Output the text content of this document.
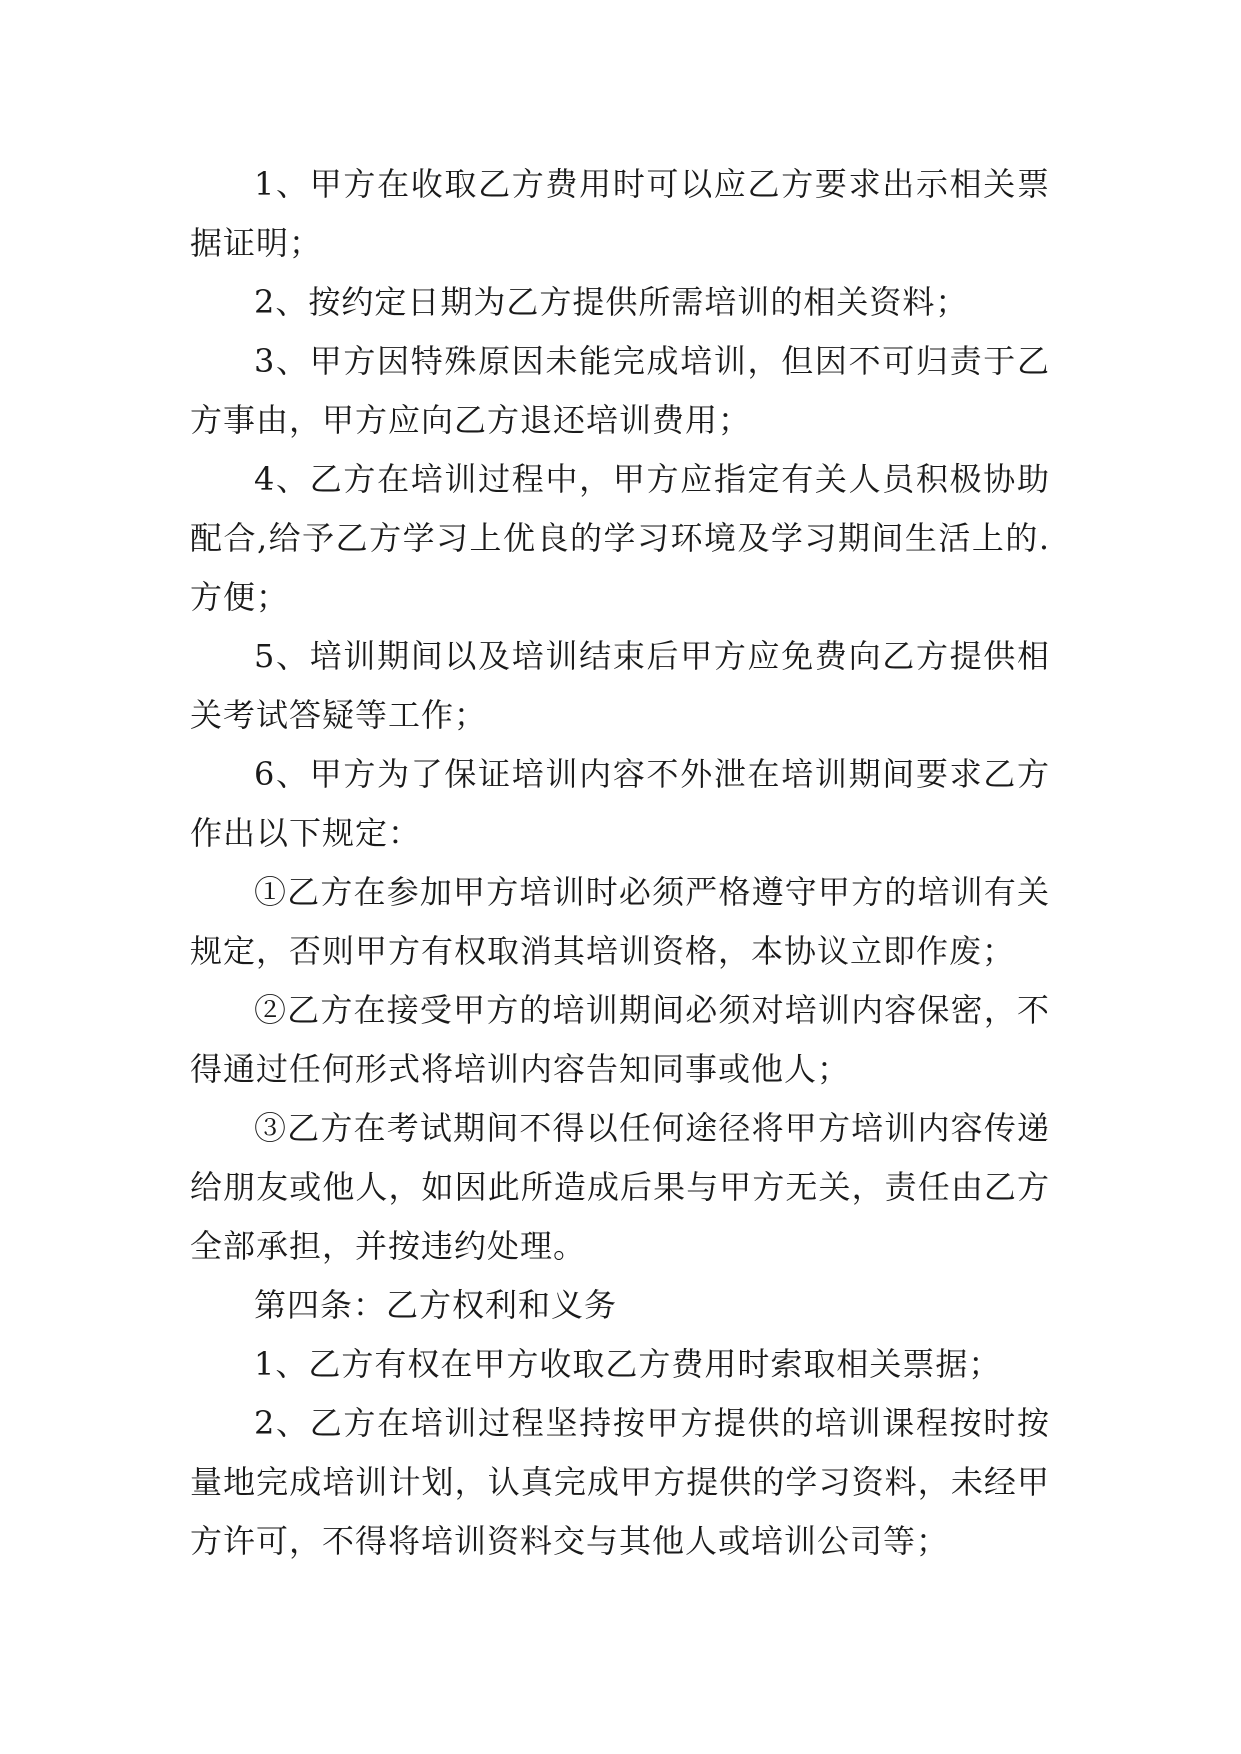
1、甲方在收取乙方费用时可以应乙方要求出示相关票据证明；

2、按约定日期为乙方提供所需培训的相关资料；

3、甲方因特殊原因未能完成培训，但因不可归责于乙方事由，甲方应向乙方退还培训费用；

4、乙方在培训过程中，甲方应指定有关人员积极协助配合,给予乙方学习上优良的学习环境及学习期间生活上的.方便；

5、培训期间以及培训结束后甲方应免费向乙方提供相关考试答疑等工作；

6、甲方为了保证培训内容不外泄在培训期间要求乙方作出以下规定：

①乙方在参加甲方培训时必须严格遵守甲方的培训有关规定，否则甲方有权取消其培训资格，本协议立即作废；

②乙方在接受甲方的培训期间必须对培训内容保密，不得通过任何形式将培训内容告知同事或他人；

③乙方在考试期间不得以任何途径将甲方培训内容传递给朋友或他人，如因此所造成后果与甲方无关，责任由乙方全部承担，并按违约处理。

第四条：乙方权利和义务

1、乙方有权在甲方收取乙方费用时索取相关票据；

2、乙方在培训过程坚持按甲方提供的培训课程按时按量地完成培训计划，认真完成甲方提供的学习资料，未经甲方许可，不得将培训资料交与其他人或培训公司等；
